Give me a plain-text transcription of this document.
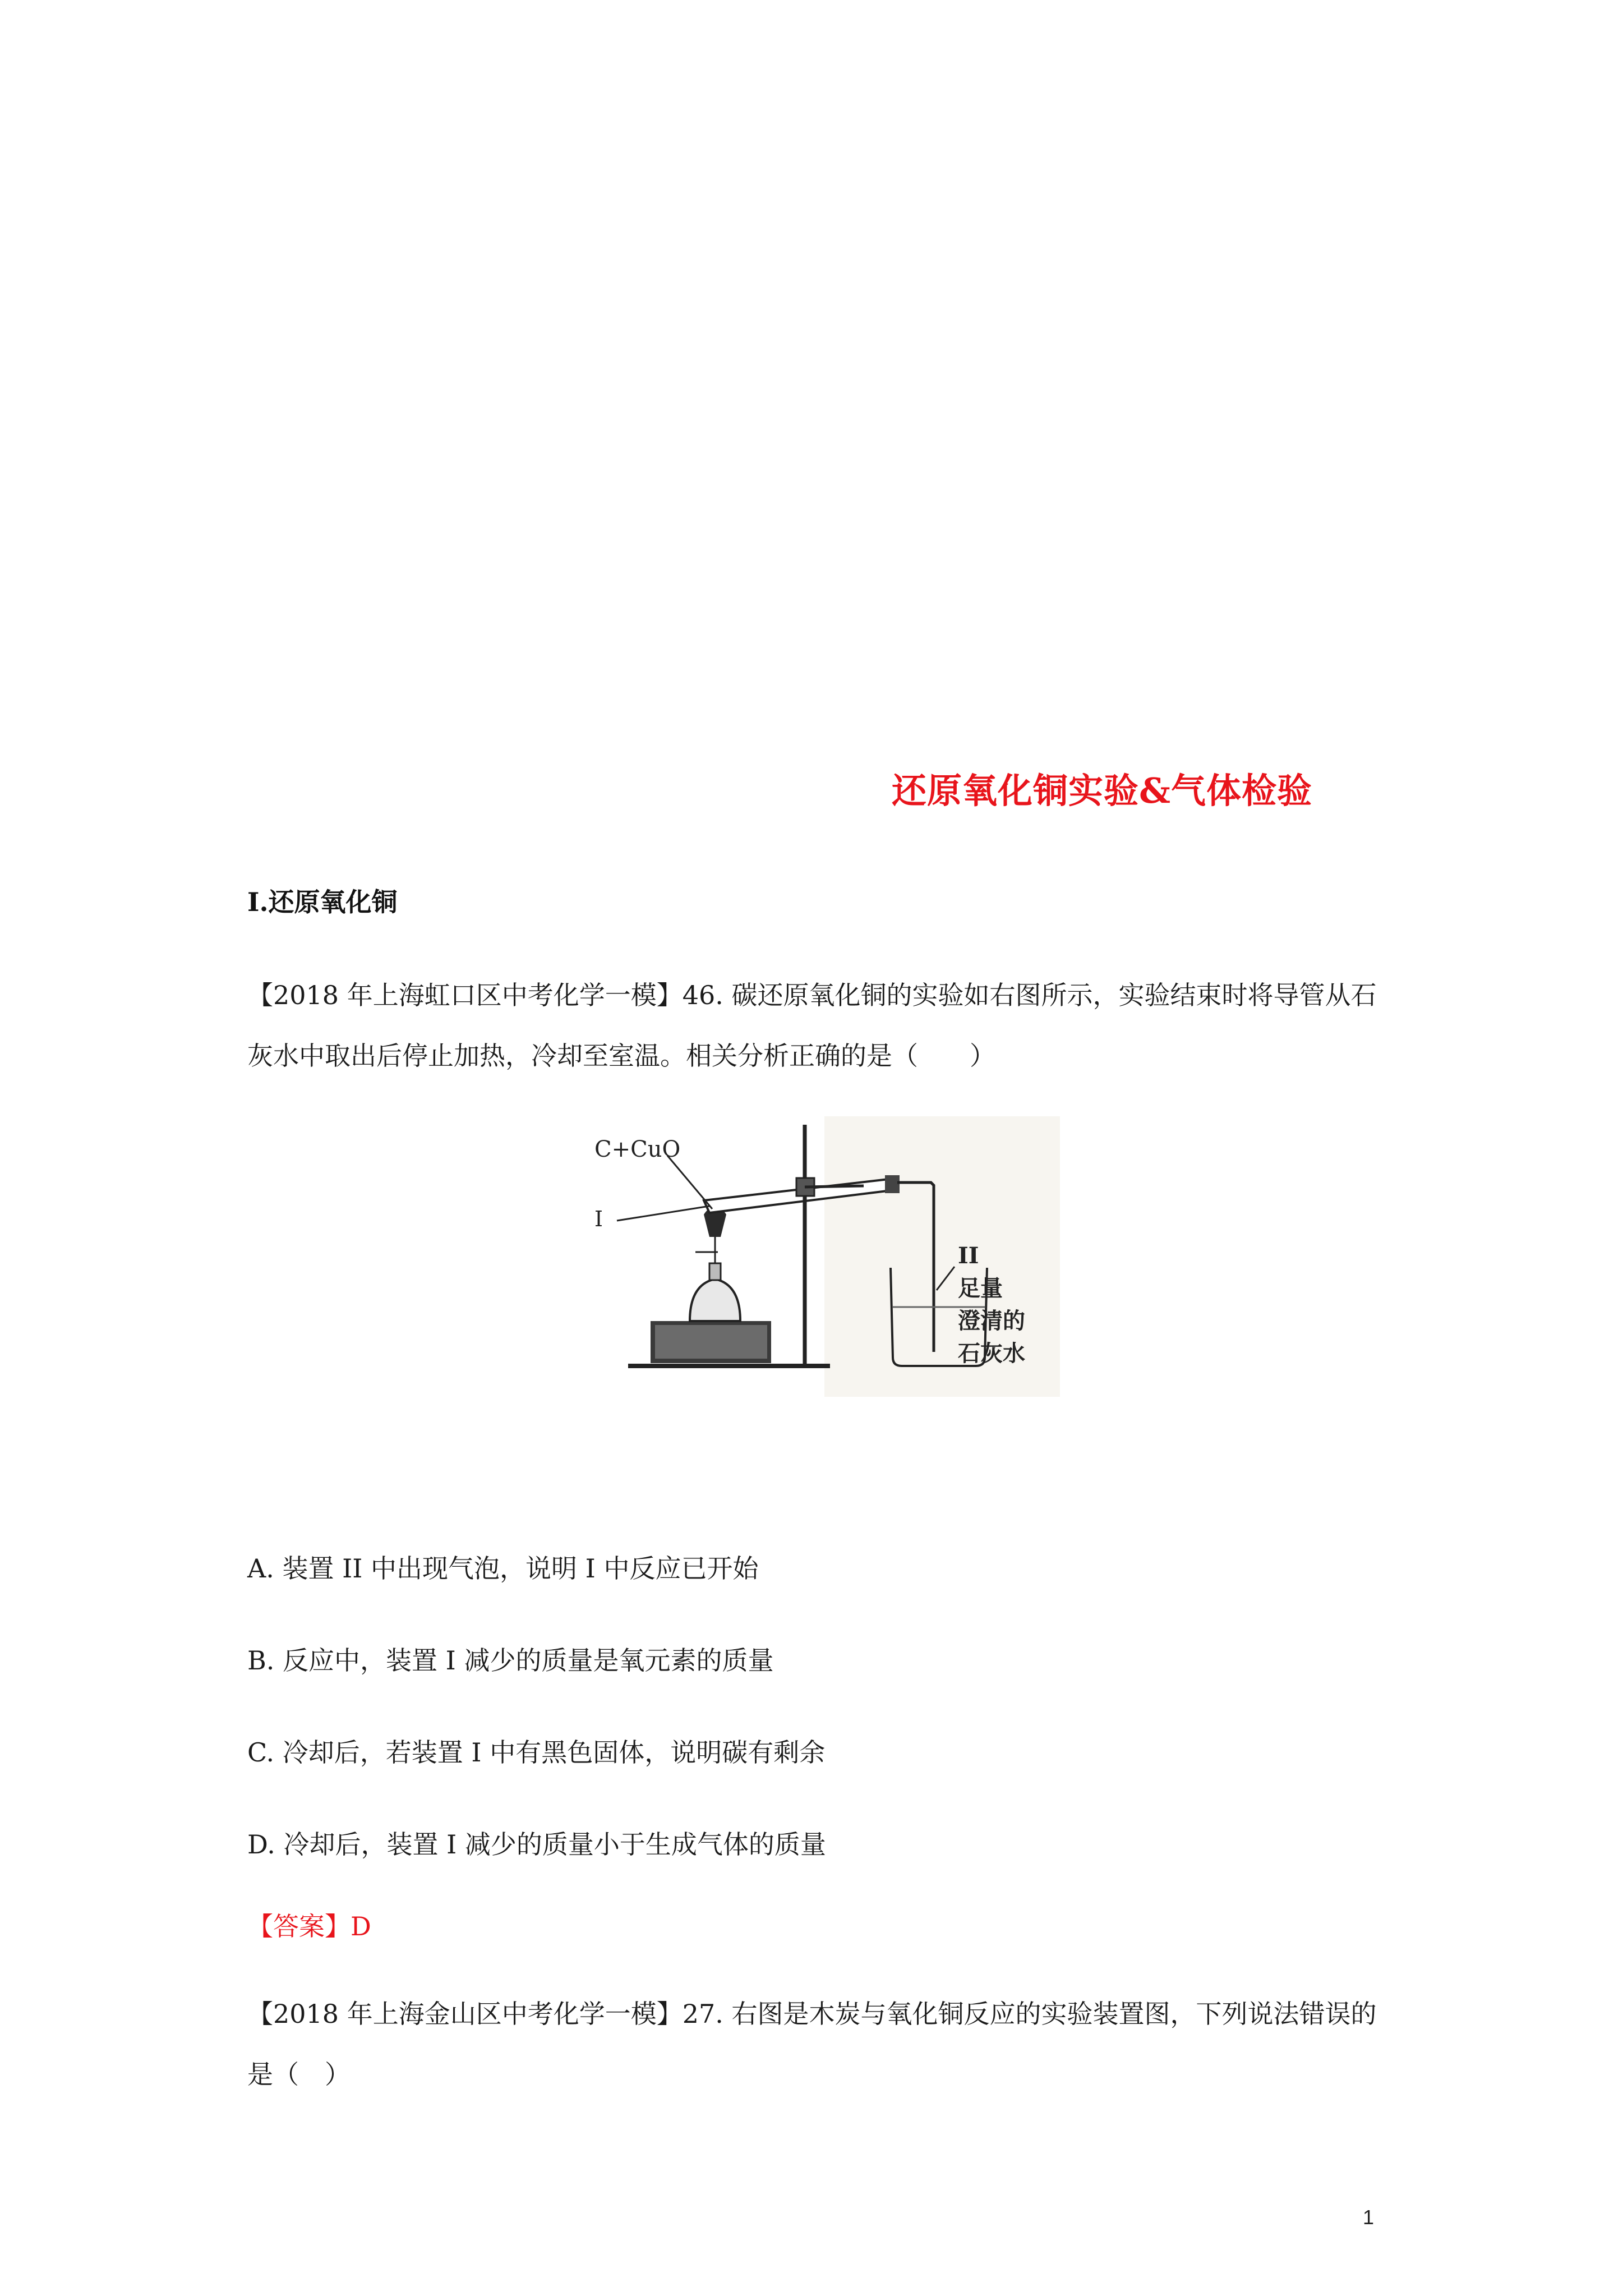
还原氧化铜实验&气体检验
Ⅰ.还原氧化铜
【2018 年上海虹口区中考化学一模】46. 碳还原氧化铜的实验如右图所示，实验结束时将导管从石灰水中取出后停止加热，冷却至室温。相关分析正确的是（　　）
C+CuO
I
II
足量
澄清的
石灰水
A. 装置 II 中出现气泡，说明 I 中反应已开始
B. 反应中，装置 I 减少的质量是氧元素的质量
C. 冷却后，若装置 I 中有黑色固体，说明碳有剩余
D. 冷却后，装置 I 减少的质量小于生成气体的质量
【答案】D
【2018 年上海金山区中考化学一模】27. 右图是木炭与氧化铜反应的实验装置图，下列说法错误的是（　）
1
